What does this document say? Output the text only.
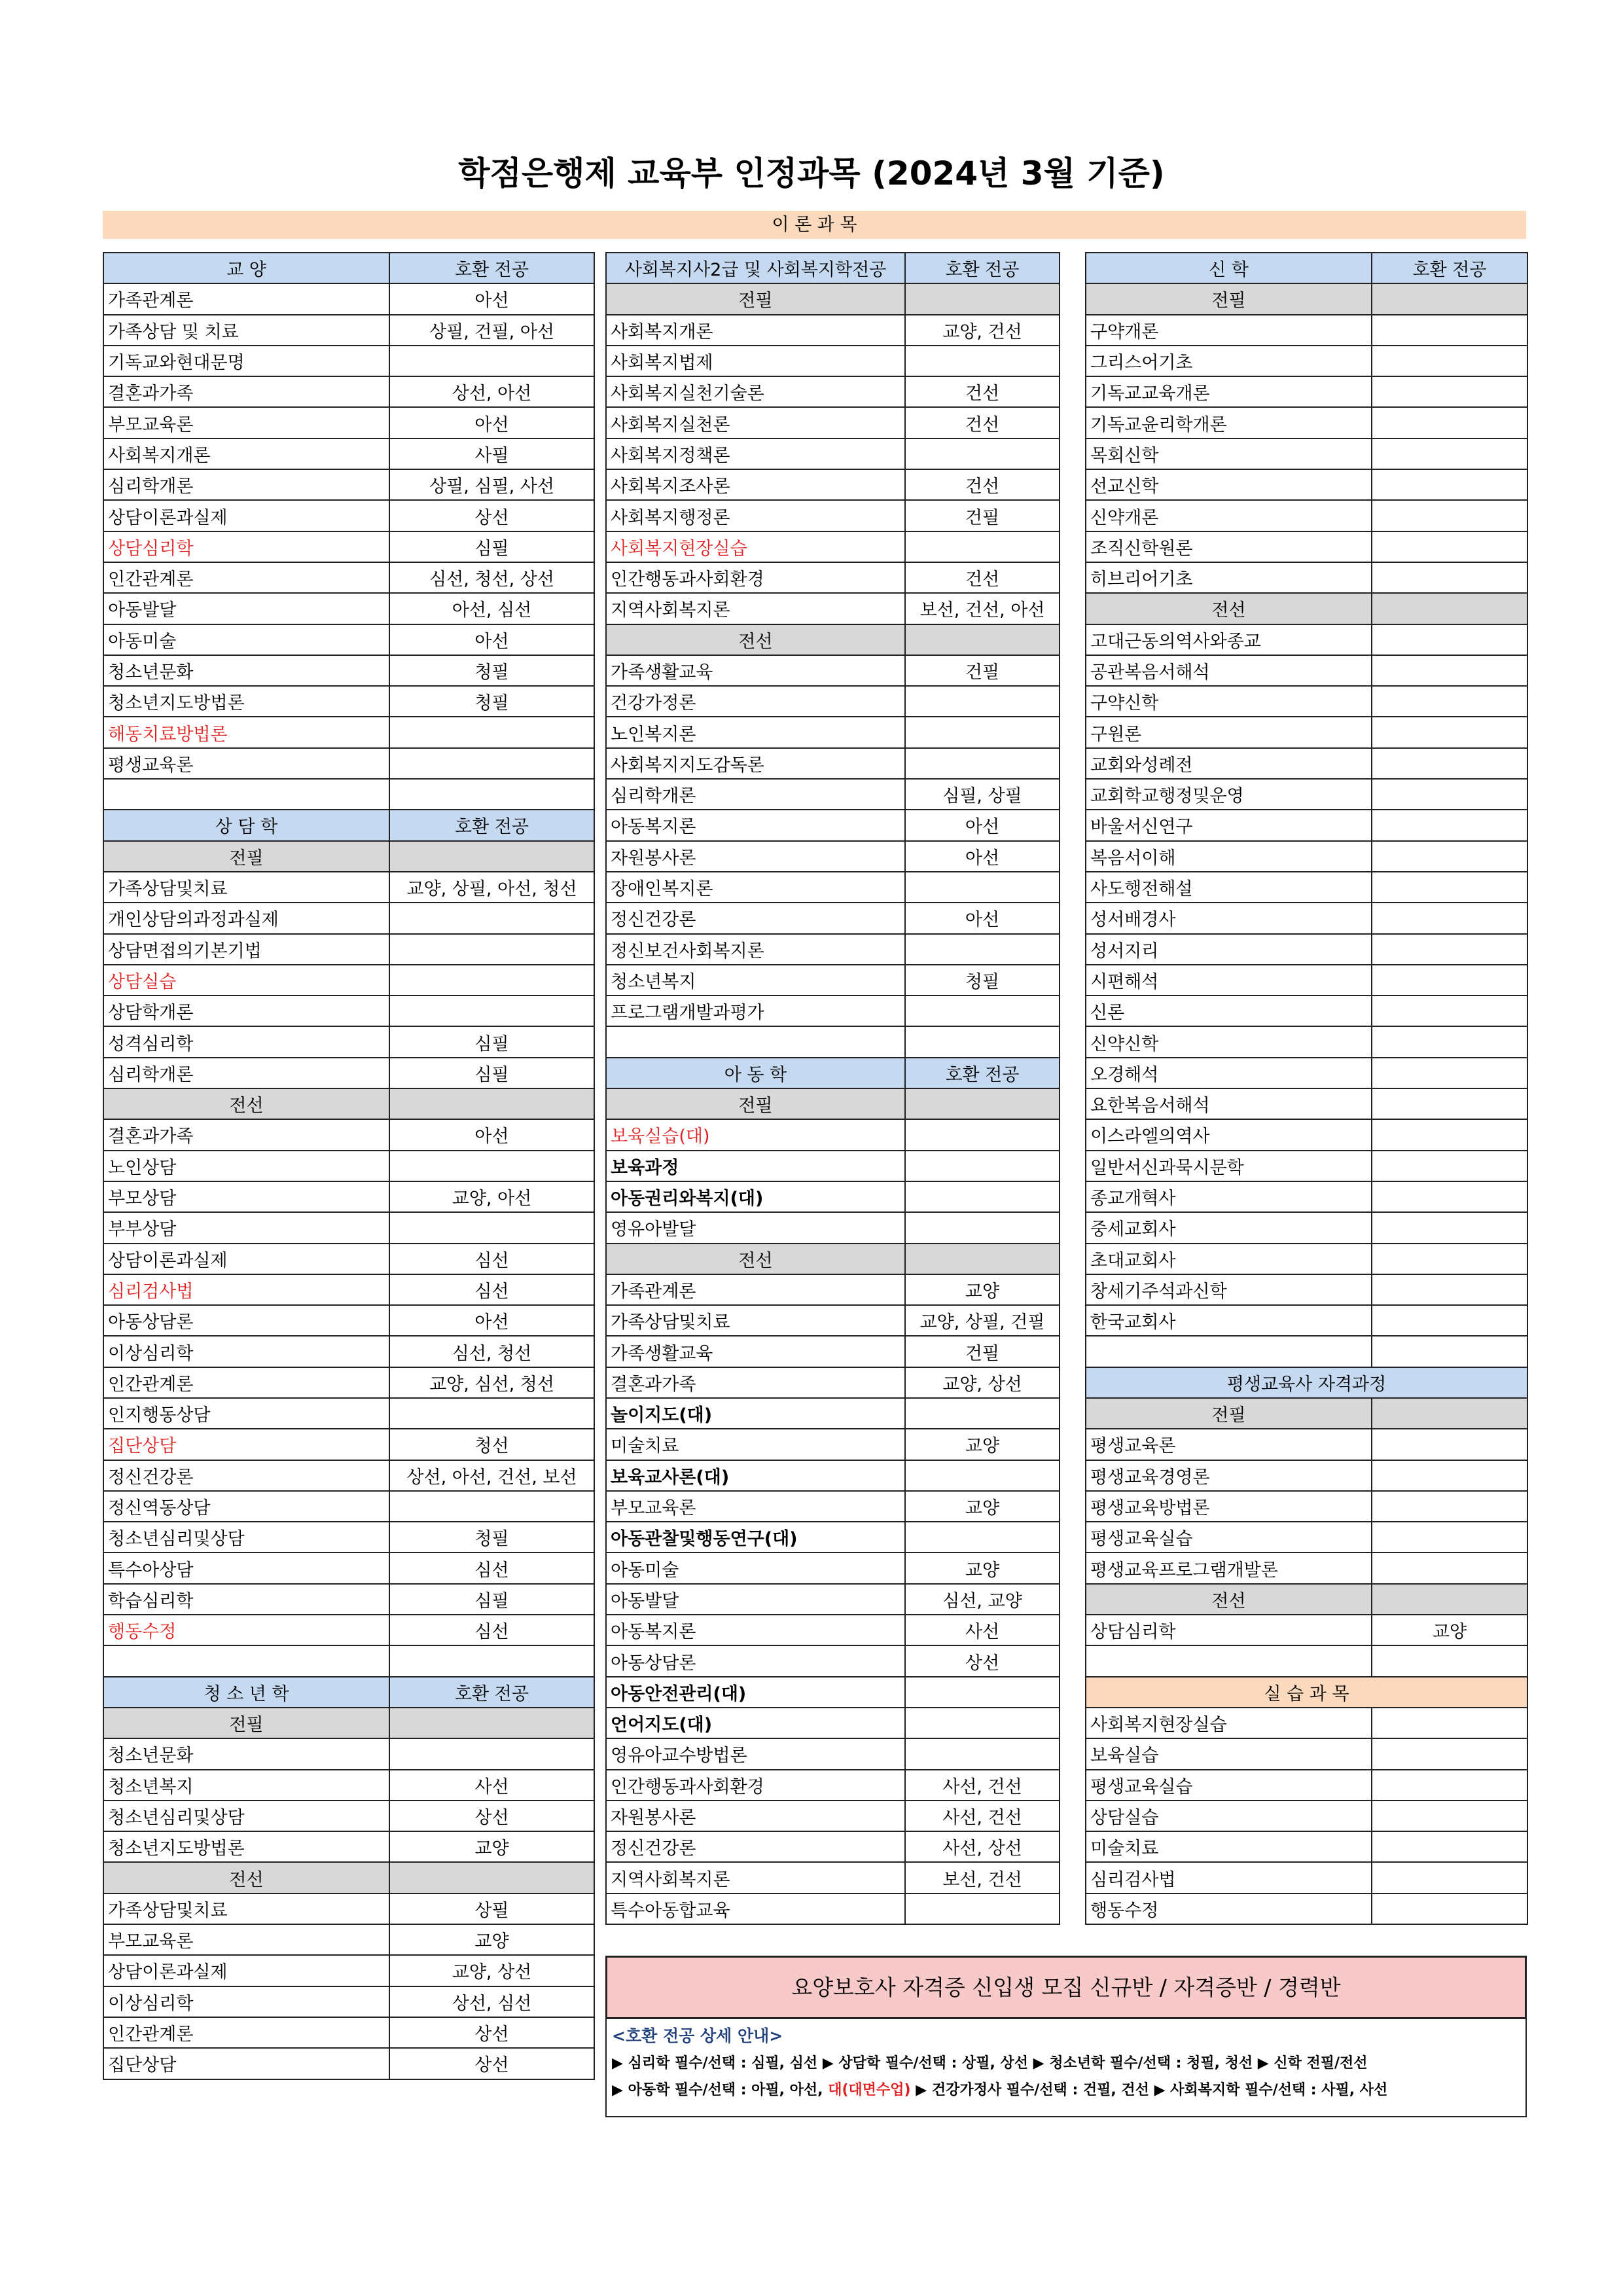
학점은행제 교육부 인정과목 (2024년 3월 기준)
이 론 과 목
교 양	호환 전공
가족관계론	아선
가족상담 및 치료	상필, 건필, 아선
기독교와현대문명	
결혼과가족	상선, 아선
부모교육론	아선
사회복지개론	사필
심리학개론	상필, 심필, 사선
상담이론과실제	상선
상담심리학	심필
인간관계론	심선, 청선, 상선
아동발달	아선, 심선
아동미술	아선
청소년문화	청필
청소년지도방법론	청필
해동치료방법론	
평생교육론	

상 담 학	호환 전공
전필	
가족상담및치료	교양, 상필, 아선, 청선
개인상담의과정과실제	
상담면접의기본기법	
상담실습	
상담학개론	
성격심리학	심필
심리학개론	심필
전선	
결혼과가족	아선
노인상담	
부모상담	교양, 아선
부부상담	
상담이론과실제	심선
심리검사법	심선
아동상담론	아선
이상심리학	심선, 청선
인간관계론	교양, 심선, 청선
인지행동상담	
집단상담	청선
정신건강론	상선, 아선, 건선, 보선
정신역동상담	
청소년심리및상담	청필
특수아상담	심선
학습심리학	심필
행동수정	심선

청 소 년 학	호환 전공
전필	
청소년문화	
청소년복지	사선
청소년심리및상담	상선
청소년지도방법론	교양
전선	
가족상담및치료	상필
부모교육론	교양
상담이론과실제	교양, 상선
이상심리학	상선, 심선
인간관계론	상선
집단상담	상선
사회복지사2급 및 사회복지학전공	호환 전공
전필	
사회복지개론	교양, 건선
사회복지법제	
사회복지실천기술론	건선
사회복지실천론	건선
사회복지정책론	
사회복지조사론	건선
사회복지행정론	건필
사회복지현장실습	
인간행동과사회환경	건선
지역사회복지론	보선, 건선, 아선
전선	
가족생활교육	건필
건강가정론	
노인복지론	
사회복지지도감독론	
심리학개론	심필, 상필
아동복지론	아선
자원봉사론	아선
장애인복지론	
정신건강론	아선
정신보건사회복지론	
청소년복지	청필
프로그램개발과평가	

아 동 학	호환 전공
전필	
보육실습(대)	
보육과정	
아동권리와복지(대)	
영유아발달	
전선	
가족관계론	교양
가족상담및치료	교양, 상필, 건필
가족생활교육	건필
결혼과가족	교양, 상선
놀이지도(대)	
미술치료	교양
보육교사론(대)	
부모교육론	교양
아동관찰및행동연구(대)	
아동미술	교양
아동발달	심선, 교양
아동복지론	사선
아동상담론	상선
아동안전관리(대)	
언어지도(대)	
영유아교수방법론	
인간행동과사회환경	사선, 건선
자원봉사론	사선, 건선
정신건강론	사선, 상선
지역사회복지론	보선, 건선
특수아동합교육	
신 학	호환 전공
전필	
구약개론	
그리스어기초	
기독교교육개론	
기독교윤리학개론	
목회신학	
선교신학	
신약개론	
조직신학원론	
히브리어기초	
전선	
고대근동의역사와종교	
공관복음서해석	
구약신학	
구원론	
교회와성례전	
교회학교행정및운영	
바울서신연구	
복음서이해	
사도행전해설	
성서배경사	
성서지리	
시편해석	
신론	
신약신학	
오경해석	
요한복음서해석	
이스라엘의역사	
일반서신과묵시문학	
종교개혁사	
중세교회사	
초대교회사	
창세기주석과신학	
한국교회사	

평생교육사 자격과정	
전필	
평생교육론	
평생교육경영론	
평생교육방법론	
평생교육실습	
평생교육프로그램개발론	
전선	
상담심리학	교양

실 습 과 목	
사회복지현장실습	
보육실습	
평생교육실습	
상담실습	
미술치료	
심리검사법	
행동수정	
요양보호사 자격증 신입생 모집 신규반 / 자격증반 / 경력반
<호환 전공 상세 안내>
▶ 심리학 필수/선택 : 심필, 심선 ▶ 상담학 필수/선택 : 상필, 상선 ▶ 청소년학 필수/선택 : 청필, 청선 ▶ 신학 전필/전선
▶ 아동학 필수/선택 : 아필, 아선, 대(대면수업) ▶ 건강가정사 필수/선택 : 건필, 건선 ▶ 사회복지학 필수/선택 : 사필, 사선
